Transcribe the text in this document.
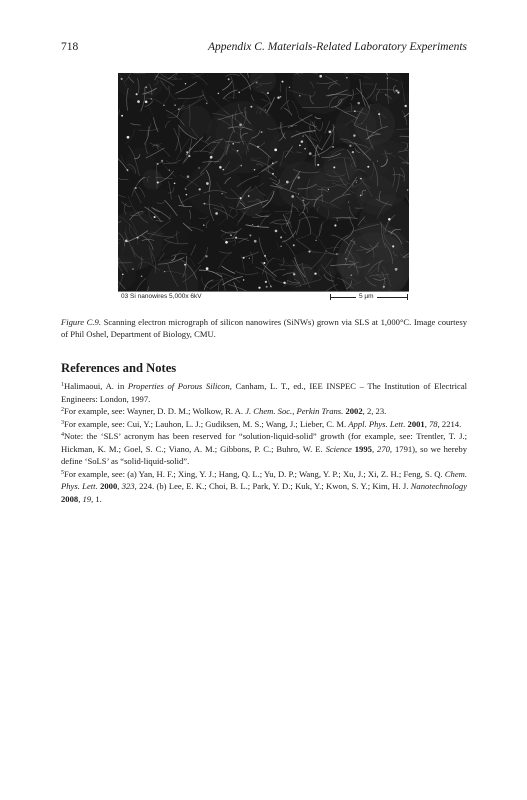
718	Appendix C. Materials-Related Laboratory Experiments
03 Si nanowires 5,000x 6kV	5 µm
Figure C.9. Scanning electron micrograph of silicon nanowires (SiNWs) grown via SLS at 1,000°C. Image courtesy of Phil Oshel, Department of Biology, CMU.
References and Notes

$^1$Halimaoui, A. in Properties of Porous Silicon, Canham, L. T., ed., IEE INSPEC – The Institution of Electrical Engineers: London, 1997.

$^2$For example, see: Wayner, D. D. M.; Wolkow, R. A. J. Chem. Soc., Perkin Trans. 2002, 2, 23.

$^3$For example, see: Cui, Y.; Lauhon, L. J.; Gudiksen, M. S.; Wang, J.; Lieber, C. M. Appl. Phys. Lett. 2001, 78, 2214.

$^4$Note: the ‘SLS’ acronym has been reserved for “solution-liquid-solid” growth (for example, see: Trentler, T. J.; Hickman, K. M.; Goel, S. C.; Viano, A. M.; Gibbons, P. C.; Buhro, W. E. Science 1995, 270, 1791), so we hereby define ‘SoLS’ as “solid-liquid-solid”.

$^5$For example, see: (a) Yan, H. F.; Xing, Y. J.; Hang, Q. L.; Yu, D. P.; Wang, Y. P.; Xu, J.; Xi, Z. H.; Feng, S. Q. Chem. Phys. Lett. 2000, 323, 224. (b) Lee, E. K.; Choi, B. L.; Park, Y. D.; Kuk, Y.; Kwon, S. Y.; Kim, H. J. Nanotechnology 2008, 19, 1.
